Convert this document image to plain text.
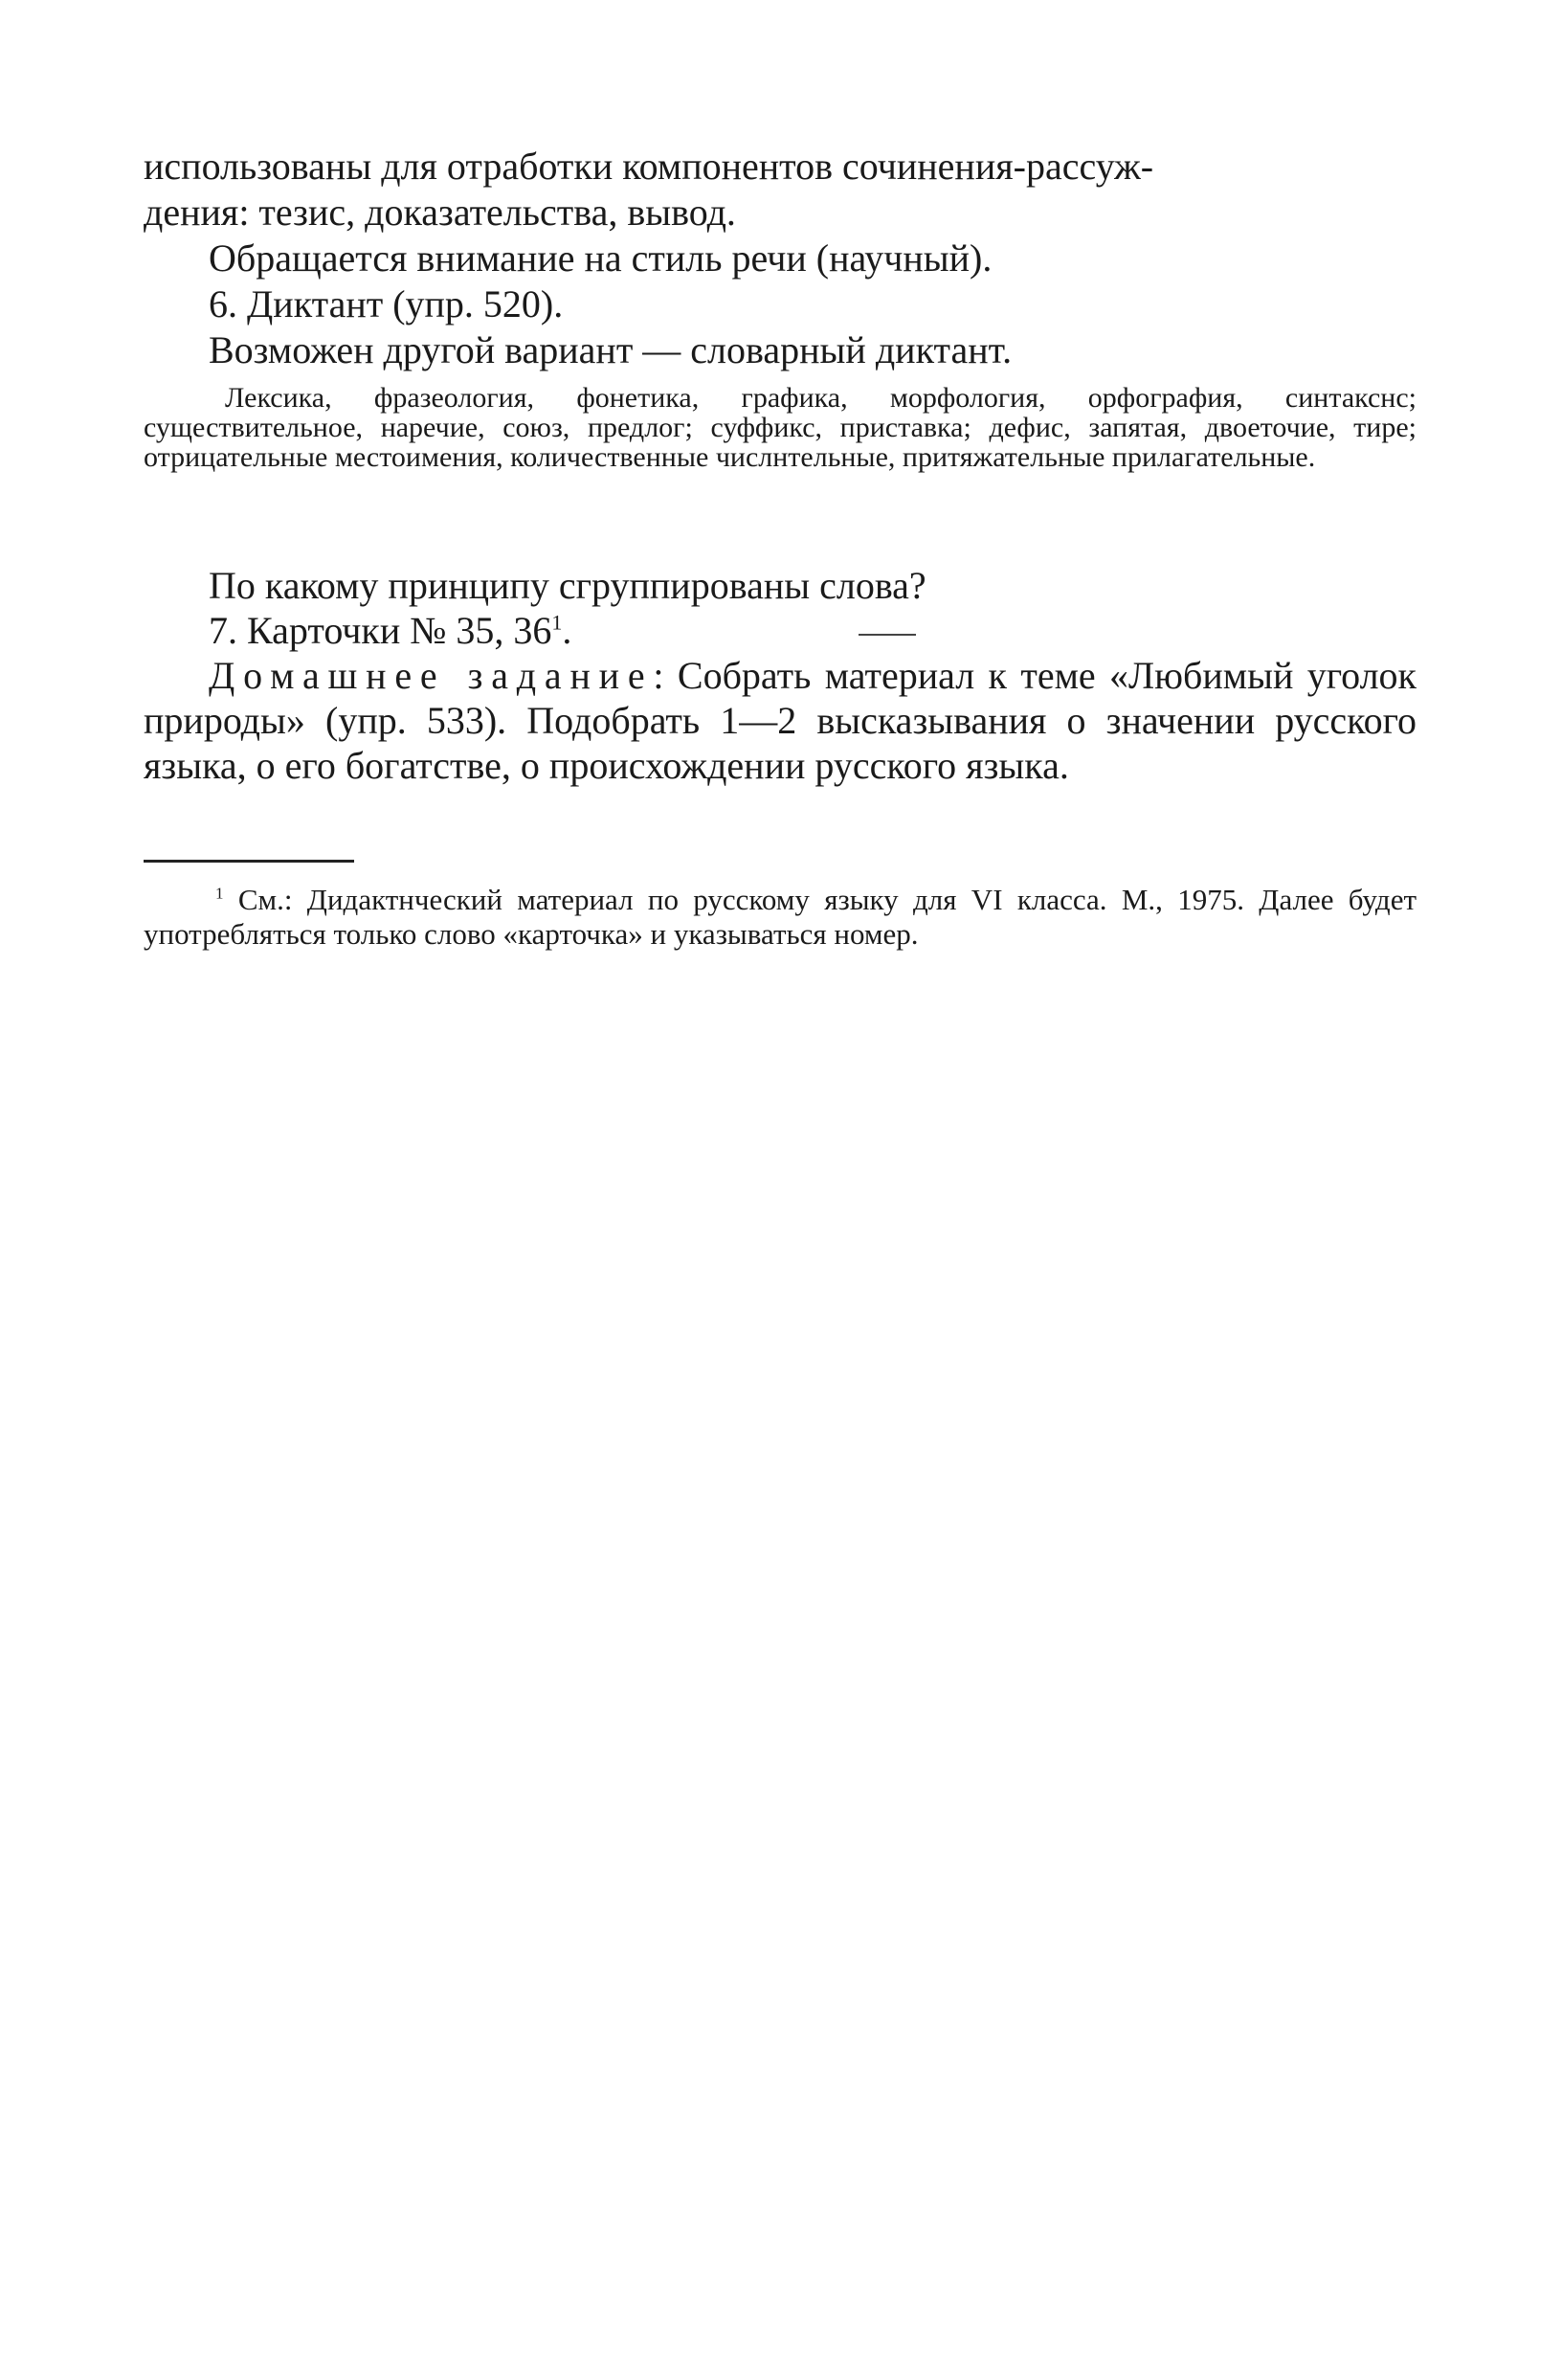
использованы для отработки компонентов сочинения-рассуж-
дения: тезис, доказательства, вывод.

Обращается внимание на стиль речи (научный).

6. Диктант (упр. 520).

Возможен другой вариант — словарный диктант.

Лексика, фразеология, фонетика, графика, морфология, орфография, синтакснс; существительное, наречие, союз, предлог; суффикс, приставка; дефис, запятая, двоеточие, тире; отрицательные местоимения, количественные числнтельные, притяжательные прилагательные.

По какому принципу сгруппированы слова?

7. Карточки № 35, $36^1$.

Домашнее задание: Собрать материал к теме «Любимый уголок природы» (упр. 533). Подобрать 1—2 высказывания о значении русского языка, о его богатстве, о происхождении русского языка.

$^1$ См.: Дидактнческий материал по русскому языку для VI класса. М., 1975. Далее будет употребляться только слово «карточка» и указываться номер.
